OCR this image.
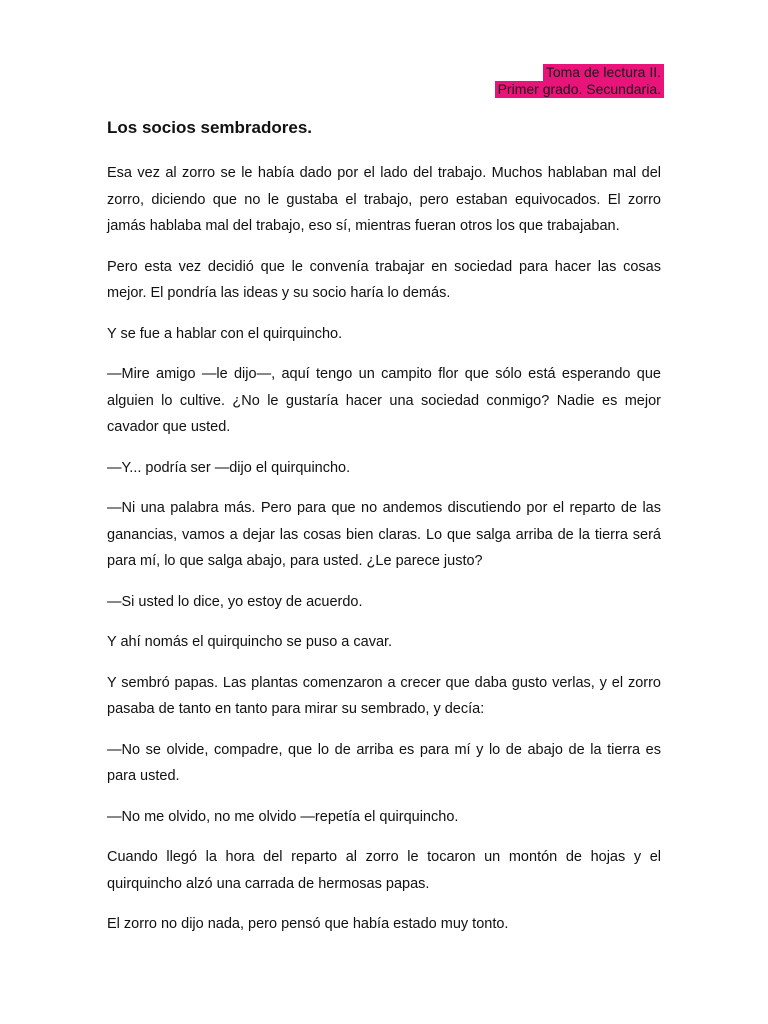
Toma de lectura II.
Primer grado. Secundaria.
Los socios sembradores.

Esa vez al zorro se le había dado por el lado del trabajo. Muchos hablaban mal del zorro, diciendo que no le gustaba el trabajo, pero estaban equivocados. El zorro jamás hablaba mal del trabajo, eso sí, mientras fueran otros los que trabajaban.

Pero esta vez decidió que le convenía trabajar en sociedad para hacer las cosas mejor. El pondría las ideas y su socio haría lo demás.

Y se fue a hablar con el quirquincho.

—Mire amigo —le dijo—, aquí tengo un campito flor que sólo está esperando que alguien lo cultive. ¿No le gustaría hacer una sociedad conmigo? Nadie es mejor cavador que usted.

—Y... podría ser —dijo el quirquincho.

—Ni una palabra más. Pero para que no andemos discutiendo por el reparto de las ganancias, vamos a dejar las cosas bien claras. Lo que salga arriba de la tierra será para mí, lo que salga abajo, para usted. ¿Le parece justo?

—Si usted lo dice, yo estoy de acuerdo.

Y ahí nomás el quirquincho se puso a cavar.

Y sembró papas. Las plantas comenzaron a crecer que daba gusto verlas, y el zorro pasaba de tanto en tanto para mirar su sembrado, y decía:

—No se olvide, compadre, que lo de arriba es para mí y lo de abajo de la tierra es para usted.

—No me olvido, no me olvido —repetía el quirquincho.

Cuando llegó la hora del reparto al zorro le tocaron un montón de hojas y el quirquincho alzó una carrada de hermosas papas.

El zorro no dijo nada, pero pensó que había estado muy tonto.
